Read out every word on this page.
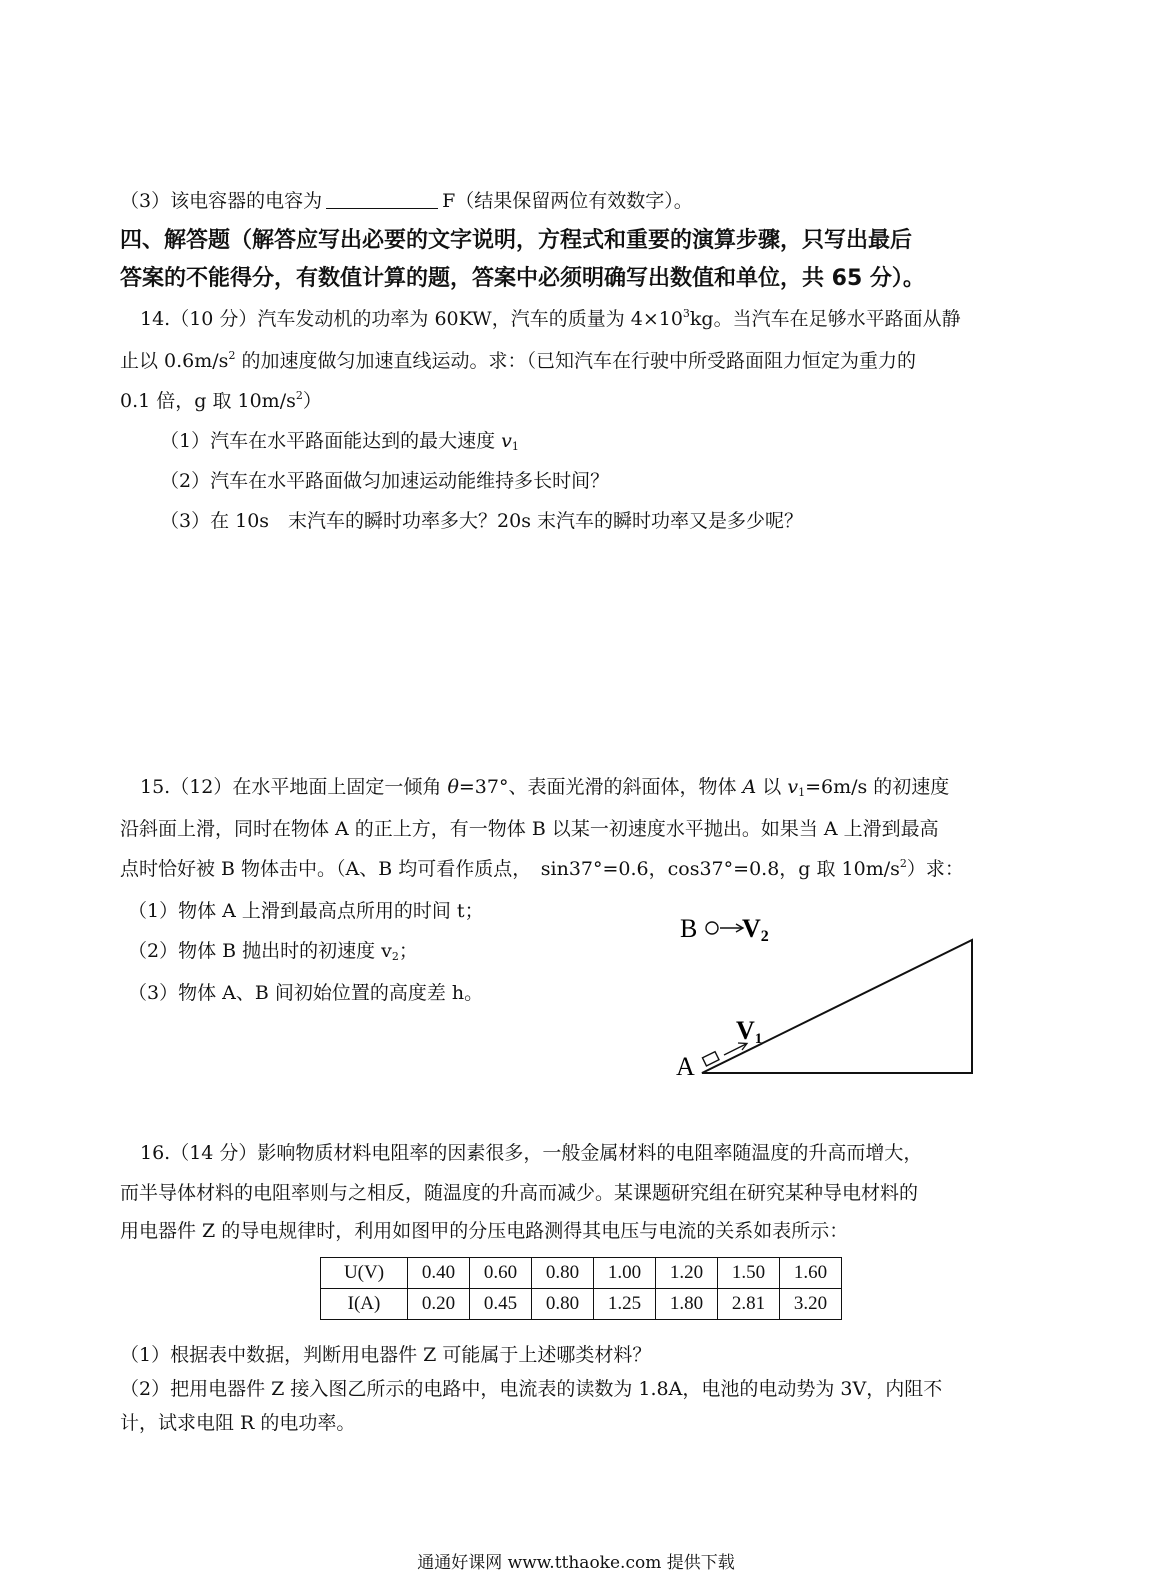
（3）该电容器的电容为	F（结果保留两位有效数字）。
四、解答题（解答应写出必要的文字说明，方程式和重要的演算步骤，只写出最后
答案的不能得分，有数值计算的题，答案中必须明确写出数值和单位，共 65 分）。
14.（10 分）汽车发动机的功率为 60KW，汽车的质量为 $4\times 10^3kg$。当汽车在足够水平路面从静
止以 $0.6m/s^2$ 的加速度做匀加速直线运动。求：（已知汽车在行驶中所受路面阻力恒定为重力的
0.1 倍，g 取 $10m/s^2$）
（1）汽车在水平路面能达到的最大速度 $v_1$
（2）汽车在水平路面做匀加速运动能维持多长时间？
（3）在 10s　末汽车的瞬时功率多大？20s 末汽车的瞬时功率又是多少呢？
15.（12）在水平地面上固定一倾角 θ=37°、表面光滑的斜面体，物体 A 以 $v_1=6m/s$ 的初速度
沿斜面上滑，同时在物体 A 的正上方，有一物体 B 以某一初速度水平抛出。如果当 A 上滑到最高
点时恰好被 B 物体击中。（A、B 均可看作质点，　sin37°=0.6，cos37°=0.8，g 取 $10m/s^2$）求：
（1）物体 A 上滑到最高点所用的时间 t；
（2）物体 B 抛出时的初速度 $v_2$；
（3）物体 A、B 间初始位置的高度差 h。
B V2
V1
A
16.（14 分）影响物质材料电阻率的因素很多，一般金属材料的电阻率随温度的升高而增大，
而半导体材料的电阻率则与之相反，随温度的升高而减少。某课题研究组在研究某种导电材料的
用电器件 Z 的导电规律时，利用如图甲的分压电路测得其电压与电流的关系如表所示：
U(V)	0.40	0.60	0.80	1.00	1.20	1.50	1.60
I(A)	0.20	0.45	0.80	1.25	1.80	2.81	3.20
（1）根据表中数据，判断用电器件 Z 可能属于上述哪类材料？
（2）把用电器件 Z 接入图乙所示的电路中，电流表的读数为 1.8A，电池的电动势为 3V，内阻不
计，试求电阻 R 的电功率。
通通好课网 www.tthaoke.com 提供下载
